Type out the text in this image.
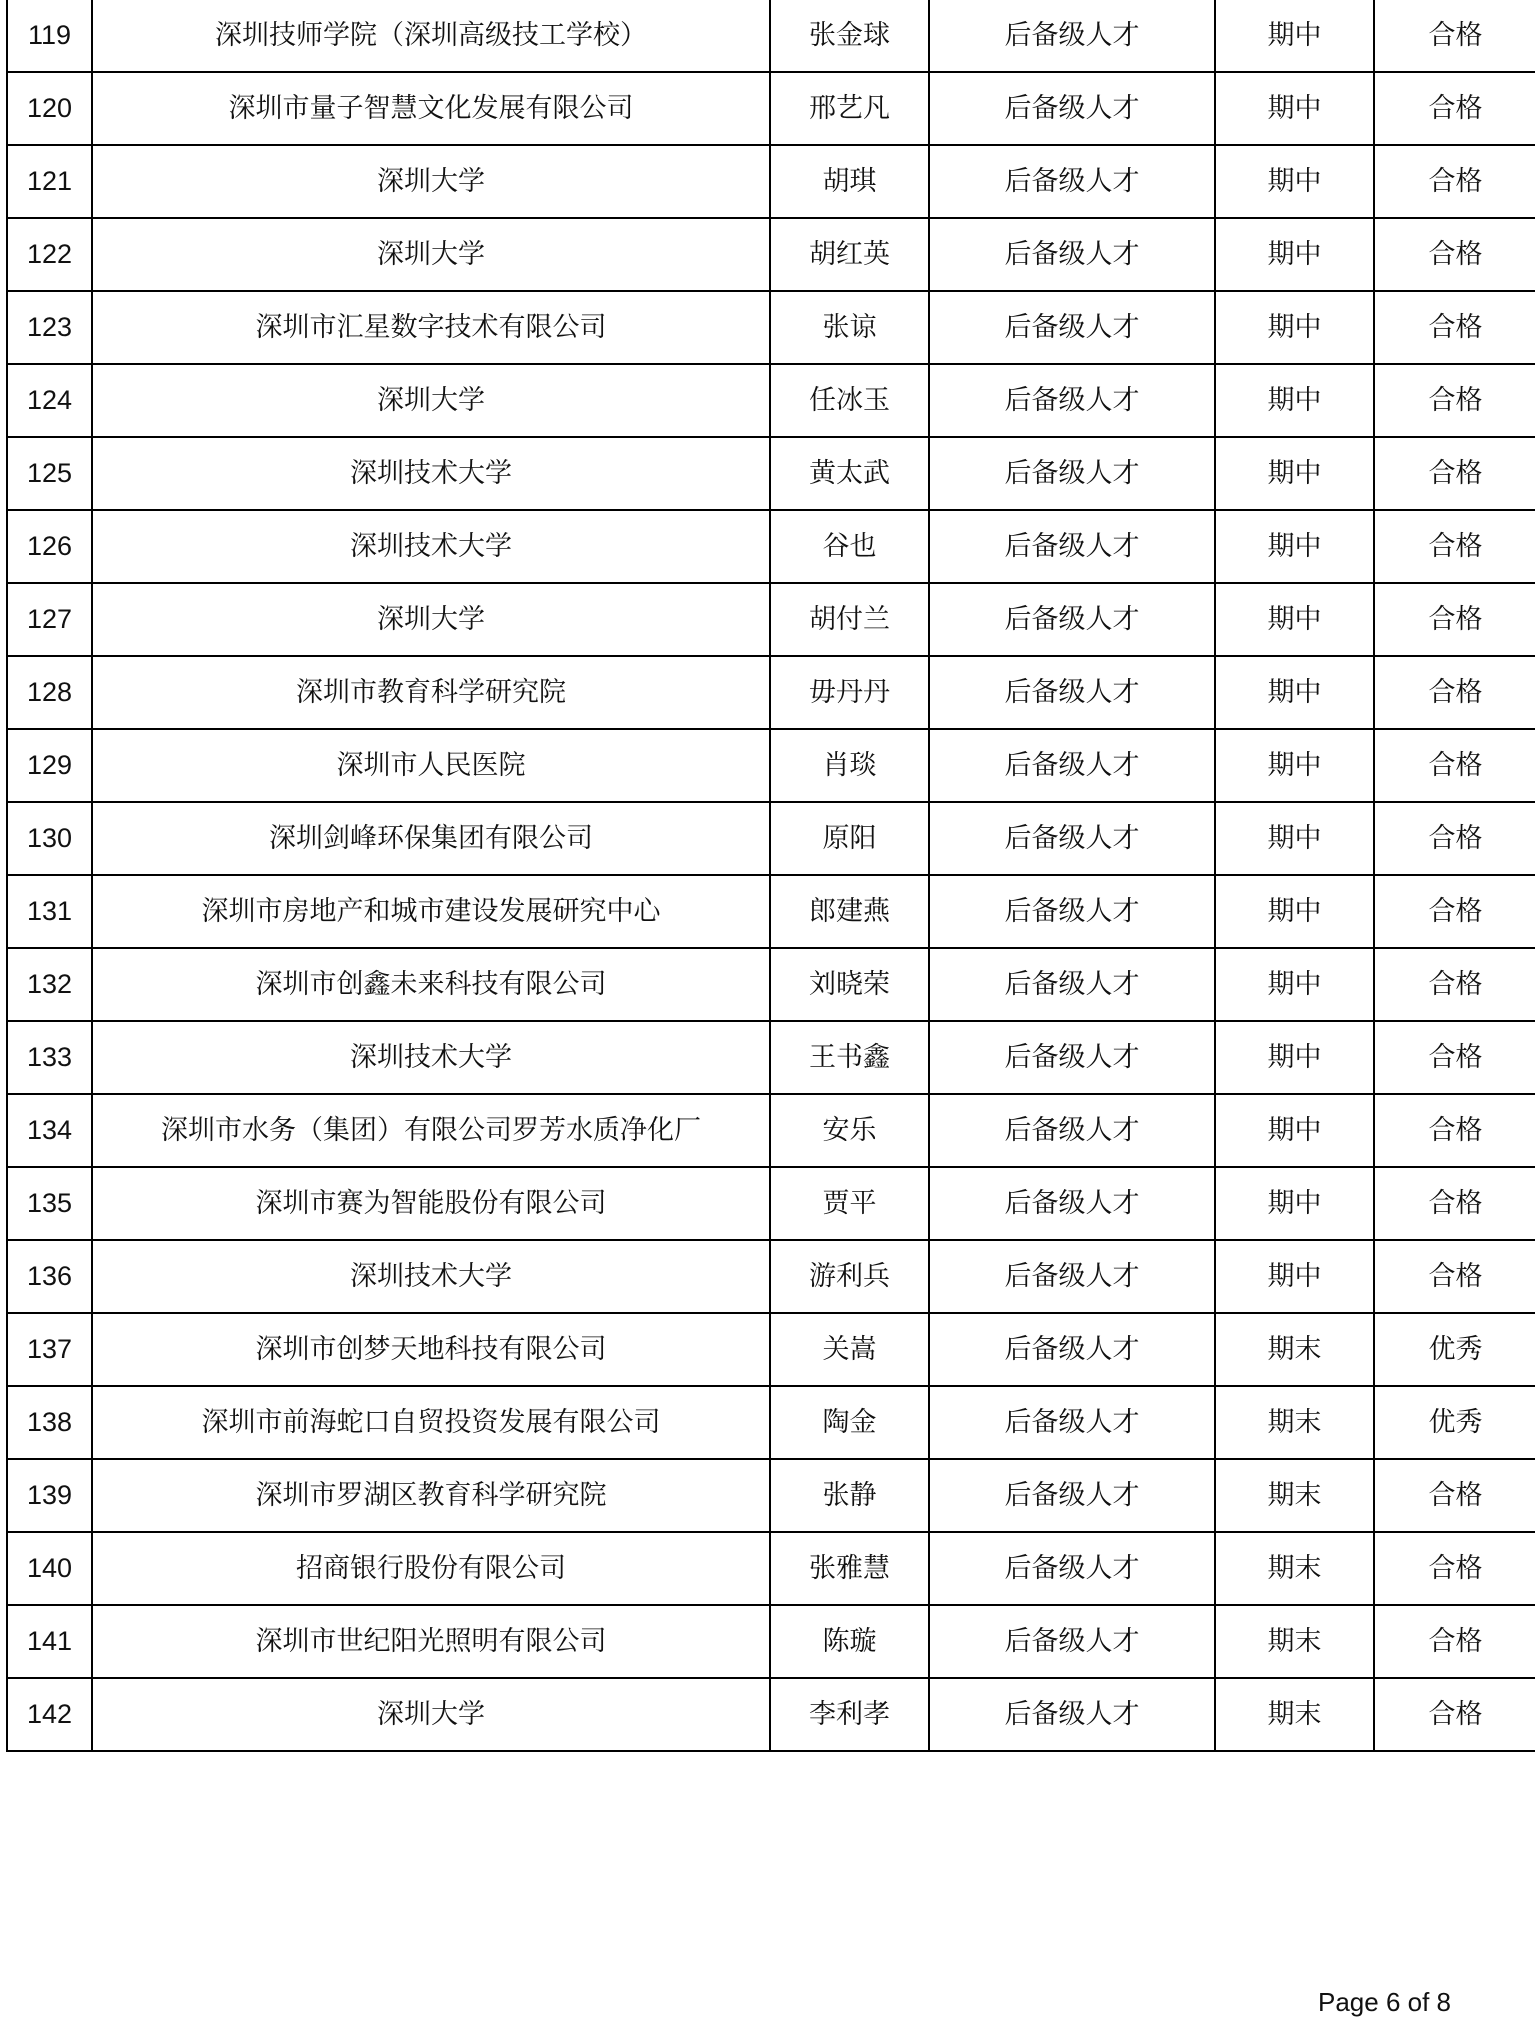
119	深圳技师学院（深圳高级技工学校）	张金球	后备级人才	期中	合格
120	深圳市量子智慧文化发展有限公司	邢艺凡	后备级人才	期中	合格
121	深圳大学	胡琪	后备级人才	期中	合格
122	深圳大学	胡红英	后备级人才	期中	合格
123	深圳市汇星数字技术有限公司	张谅	后备级人才	期中	合格
124	深圳大学	任冰玉	后备级人才	期中	合格
125	深圳技术大学	黄太武	后备级人才	期中	合格
126	深圳技术大学	谷也	后备级人才	期中	合格
127	深圳大学	胡付兰	后备级人才	期中	合格
128	深圳市教育科学研究院	毋丹丹	后备级人才	期中	合格
129	深圳市人民医院	肖琰	后备级人才	期中	合格
130	深圳剑峰环保集团有限公司	原阳	后备级人才	期中	合格
131	深圳市房地产和城市建设发展研究中心	郎建燕	后备级人才	期中	合格
132	深圳市创鑫未来科技有限公司	刘晓荣	后备级人才	期中	合格
133	深圳技术大学	王书鑫	后备级人才	期中	合格
134	深圳市水务（集团）有限公司罗芳水质净化厂	安乐	后备级人才	期中	合格
135	深圳市赛为智能股份有限公司	贾平	后备级人才	期中	合格
136	深圳技术大学	游利兵	后备级人才	期中	合格
137	深圳市创梦天地科技有限公司	关嵩	后备级人才	期末	优秀
138	深圳市前海蛇口自贸投资发展有限公司	陶金	后备级人才	期末	优秀
139	深圳市罗湖区教育科学研究院	张静	后备级人才	期末	合格
140	招商银行股份有限公司	张雅慧	后备级人才	期末	合格
141	深圳市世纪阳光照明有限公司	陈璇	后备级人才	期末	合格
142	深圳大学	李利孝	后备级人才	期末	合格
Page 6 of 8
